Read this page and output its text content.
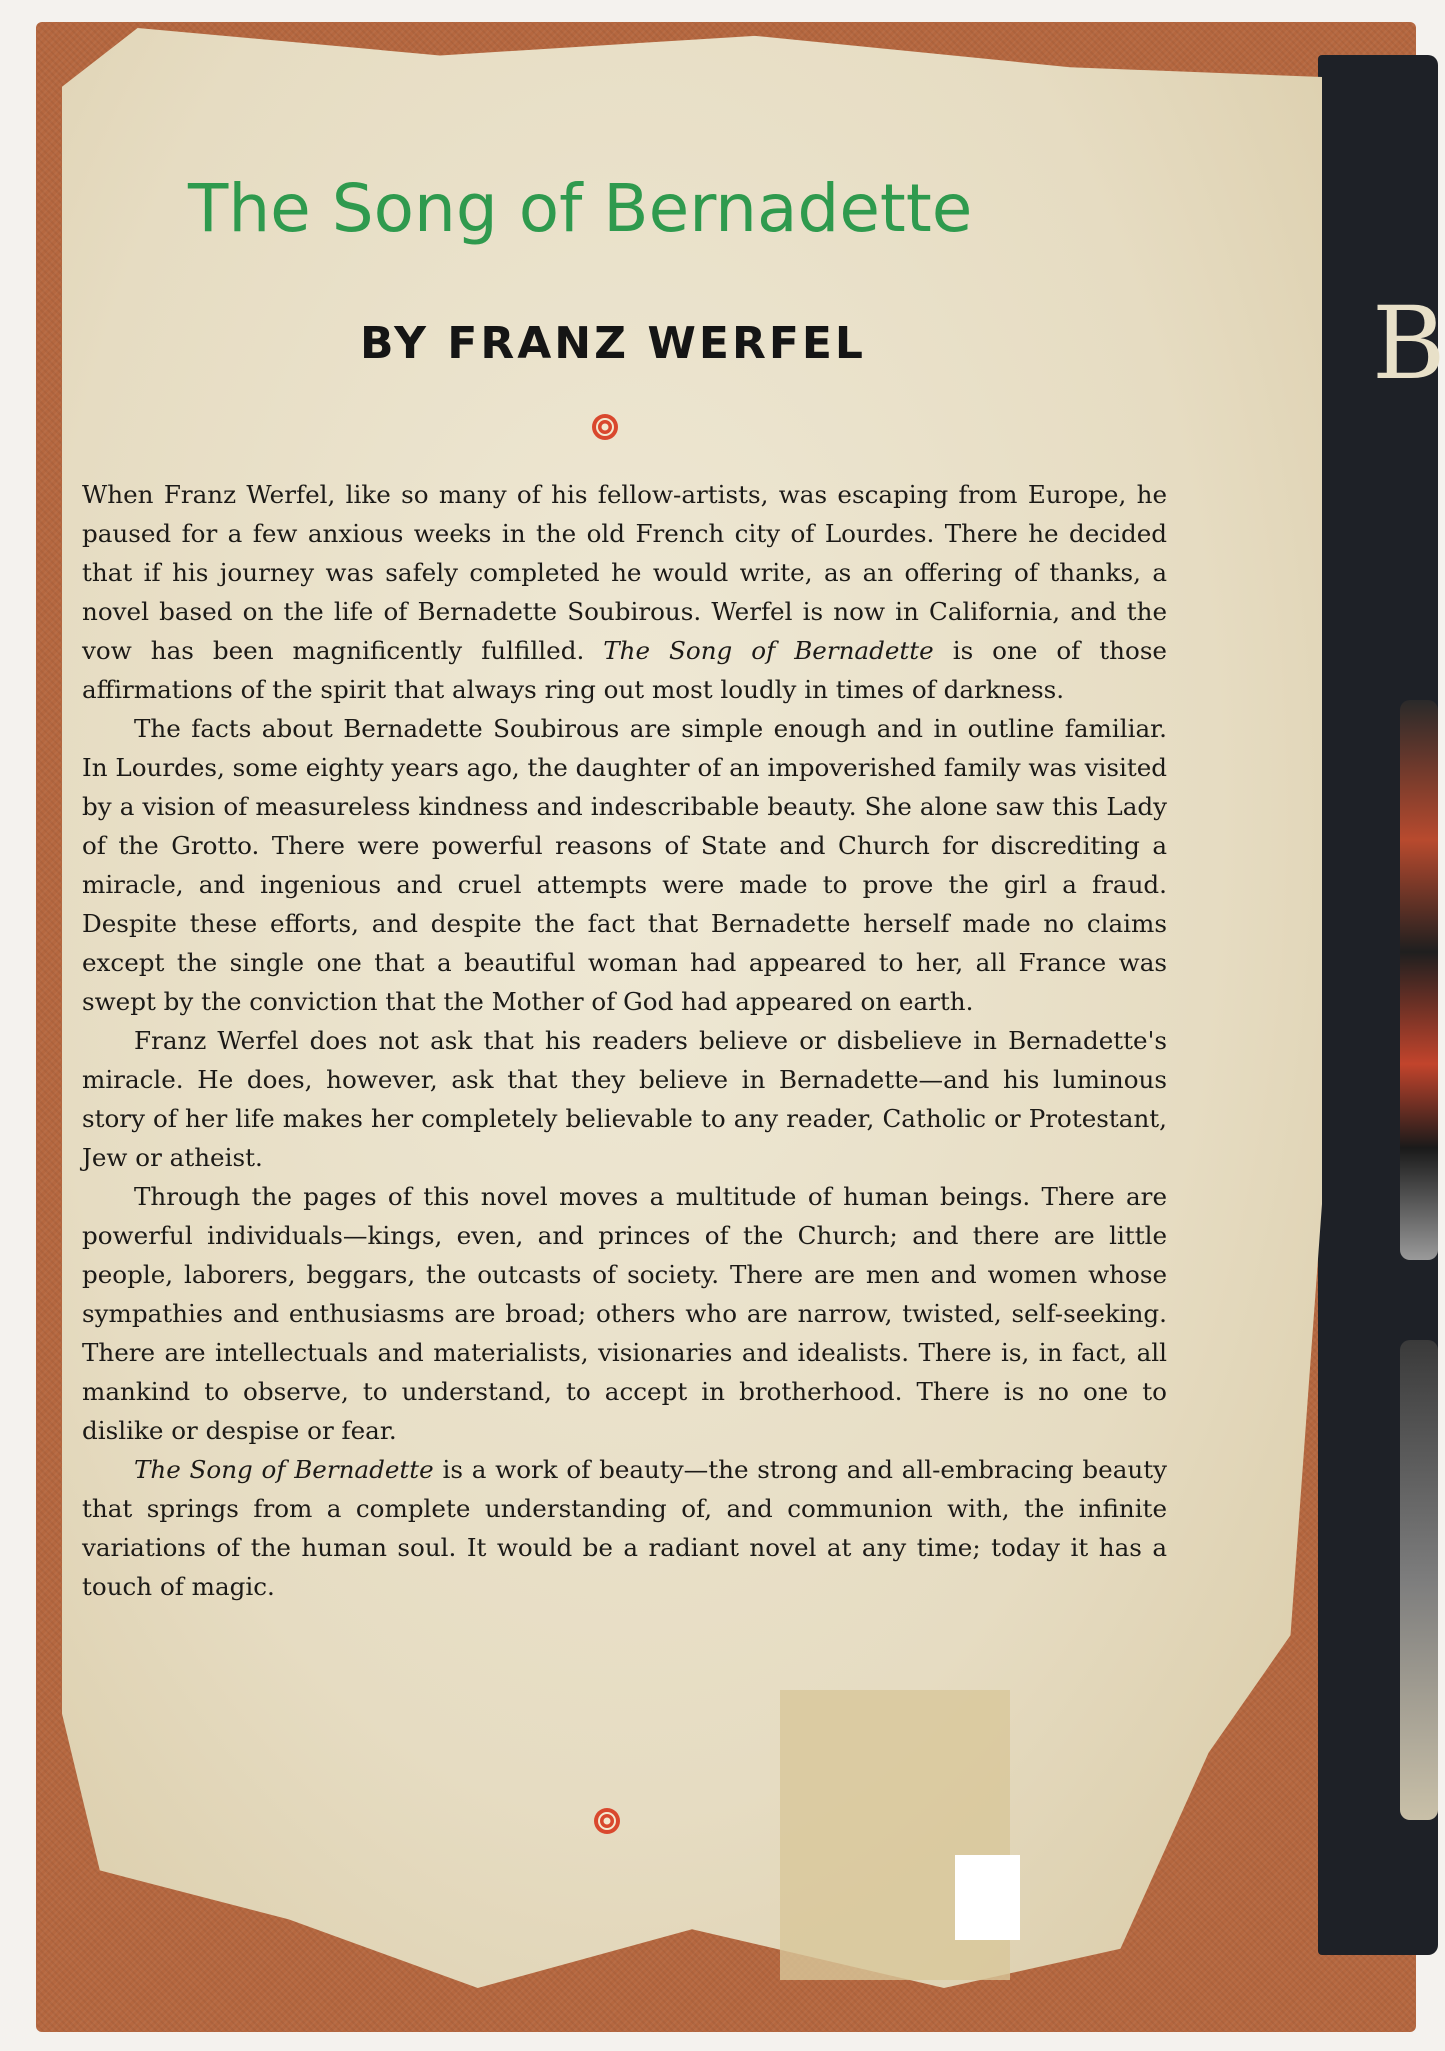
B
The Song of Bernadette
BY FRANZ WERFEL

When Franz Werfel, like so many of his fellow-artists, was escaping from Europe, he paused for a few anxious weeks in the old French city of Lourdes. There he decided that if his journey was safely completed he would write, as an offering of thanks, a novel based on the life of Bernadette Soubirous. Werfel is now in California, and the vow has been magnificently fulfilled. The Song of Bernadette is one of those affirmations of the spirit that always ring out most loudly in times of darkness.

The facts about Bernadette Soubirous are simple enough and in outline familiar. In Lourdes, some eighty years ago, the daughter of an impoverished family was visited by a vision of measureless kindness and indescribable beauty. She alone saw this Lady of the Grotto. There were powerful reasons of State and Church for discrediting a miracle, and ingenious and cruel attempts were made to prove the girl a fraud. Despite these efforts, and despite the fact that Bernadette herself made no claims except the single one that a beautiful woman had appeared to her, all France was swept by the conviction that the Mother of God had appeared on earth.

Franz Werfel does not ask that his readers believe or disbelieve in Bernadette's miracle. He does, however, ask that they believe in Bernadette—and his luminous story of her life makes her completely believable to any reader, Catholic or Protestant, Jew or atheist.

Through the pages of this novel moves a multitude of human beings. There are powerful individuals—kings, even, and princes of the Church; and there are little people, laborers, beggars, the outcasts of society. There are men and women whose sympathies and enthusiasms are broad; others who are narrow, twisted, self-seeking. There are intellectuals and materialists, visionaries and idealists. There is, in fact, all mankind to observe, to understand, to accept in brotherhood. There is no one to dislike or despise or fear.

The Song of Bernadette is a work of beauty—the strong and all-embracing beauty that springs from a complete understanding of, and communion with, the infinite variations of the human soul. It would be a radiant novel at any time; today it has a touch of magic.
